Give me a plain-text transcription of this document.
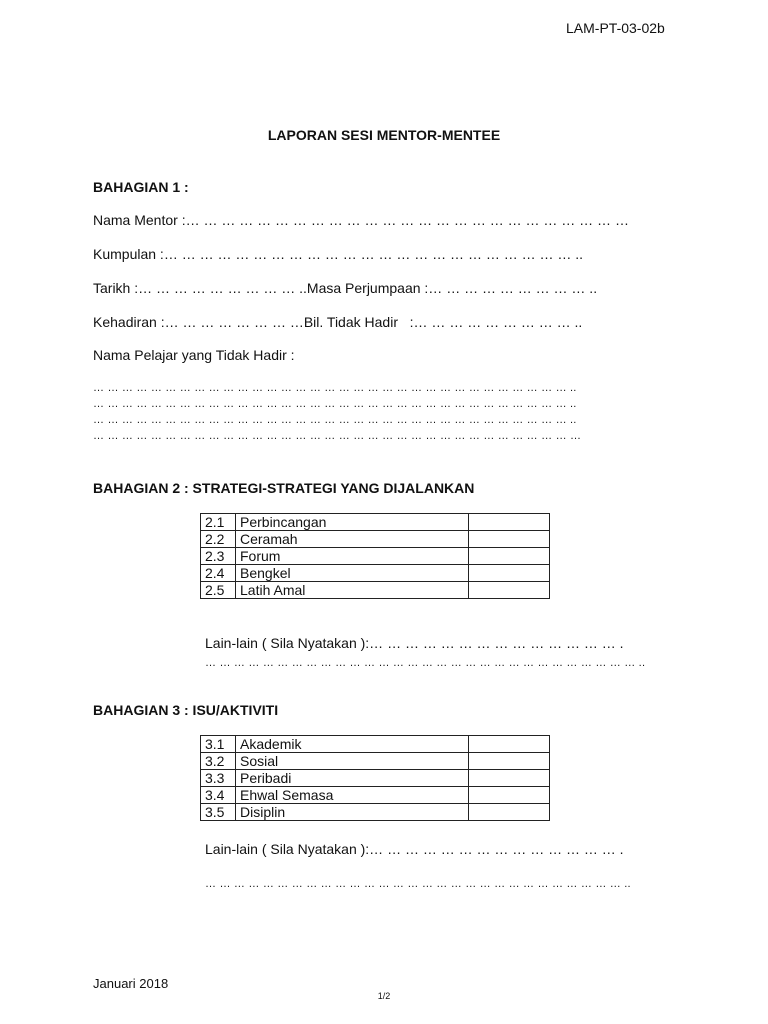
LAM-PT-03-02b
LAPORAN SESI MENTOR-MENTEE
BAHAGIAN 1 :
Nama Mentor :… … … … … … … … … … … … … … … … … … … … … … … … …
Kumpulan :… … … … … … … … … … … … … … … … … … … … … … … ..
Tarikh :… … … … … … … … … ..Masa Perjumpaan :… … … … … … … … … ..
Kehadiran :… … … … … … … …Bil. Tidak Hadir   :… … … … … … … … … ..
Nama Pelajar yang Tidak Hadir :
… … … … … … … … … … … … … … … … … … … … … … … … … … … … … … … … … ..
… … … … … … … … … … … … … … … … … … … … … … … … … … … … … … … … … ..
… … … … … … … … … … … … … … … … … … … … … … … … … … … … … … … … … ..
… … … … … … … … … … … … … … … … … … … … … … … … … … … … … … … … … …
BAHAGIAN 2 : STRATEGI-STRATEGI YANG DIJALANKAN
2.1	Perbincangan	
2.2	Ceramah	
2.3	Forum	
2.4	Bengkel	
2.5	Latih Amal	
Lain-lain ( Sila Nyatakan ):… … … … … … … … … … … … … … .
… … … … … … … … … … … … … … … … … … … … … … … … … … … … … … ..
BAHAGIAN 3 : ISU/AKTIVITI
3.1	Akademik	
3.2	Sosial	
3.3	Peribadi	
3.4	Ehwal Semasa	
3.5	Disiplin	
Lain-lain ( Sila Nyatakan ):… … … … … … … … … … … … … … .
… … … … … … … … … … … … … … … … … … … … … … … … … … … … … ..
Januari 2018
1/2
